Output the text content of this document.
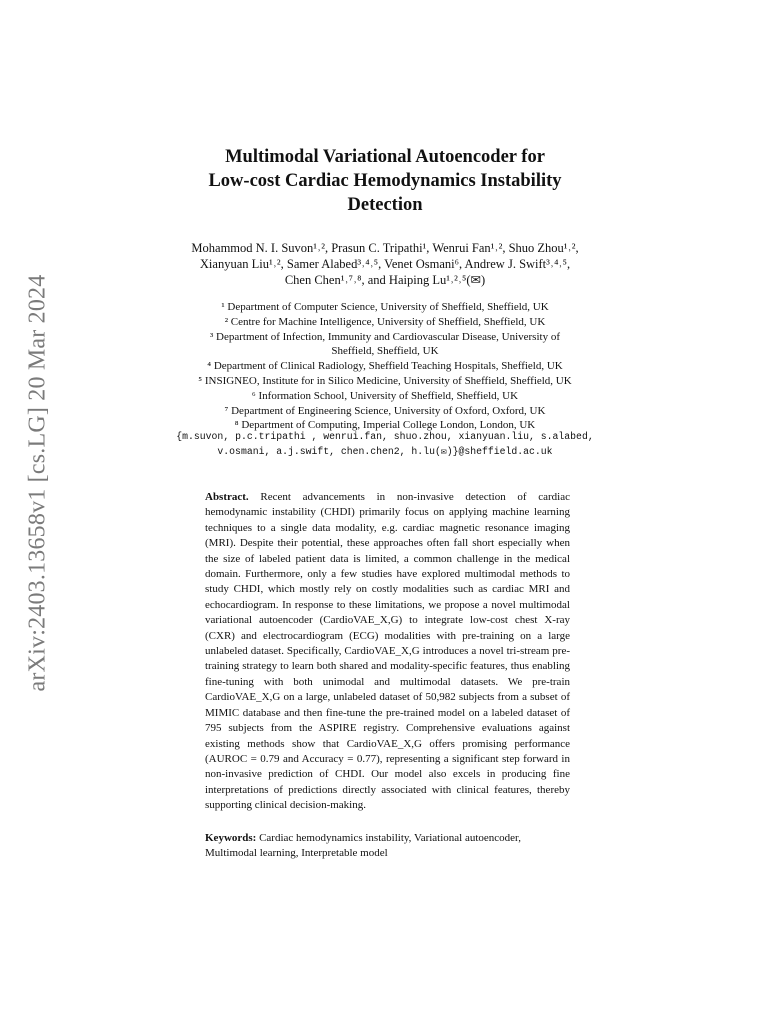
arXiv:2403.13658v1 [cs.LG] 20 Mar 2024
Multimodal Variational Autoencoder for
Low-cost Cardiac Hemodynamics Instability
Detection
Mohammod N. I. Suvon¹˒², Prasun C. Tripathi¹, Wenrui Fan¹˒², Shuo Zhou¹˒²,
Xianyuan Liu¹˒², Samer Alabed³˒⁴˒⁵, Venet Osmani⁶, Andrew J. Swift³˒⁴˒⁵,
Chen Chen¹˒⁷˒⁸, and Haiping Lu¹˒²˒⁵(✉)
¹ Department of Computer Science, University of Sheffield, Sheffield, UK
² Centre for Machine Intelligence, University of Sheffield, Sheffield, UK
³ Department of Infection, Immunity and Cardiovascular Disease, University of
Sheffield, Sheffield, UK
⁴ Department of Clinical Radiology, Sheffield Teaching Hospitals, Sheffield, UK
⁵ INSIGNEO, Institute for in Silico Medicine, University of Sheffield, Sheffield, UK
⁶ Information School, University of Sheffield, Sheffield, UK
⁷ Department of Engineering Science, University of Oxford, Oxford, UK
⁸ Department of Computing, Imperial College London, London, UK
{m.suvon, p.c.tripathi , wenrui.fan, shuo.zhou, xianyuan.liu, s.alabed,
v.osmani, a.j.swift, chen.chen2, h.lu(✉)}@sheffield.ac.uk
Abstract. Recent advancements in non-invasive detection of cardiac hemodynamic instability (CHDI) primarily focus on applying machine learning techniques to a single data modality, e.g. cardiac magnetic resonance imaging (MRI). Despite their potential, these approaches often fall short especially when the size of labeled patient data is limited, a common challenge in the medical domain. Furthermore, only a few studies have explored multimodal methods to study CHDI, which mostly rely on costly modalities such as cardiac MRI and echocardiogram. In response to these limitations, we propose a novel multimodal variational autoencoder (CardioVAE_X,G) to integrate low-cost chest X-ray (CXR) and electrocardiogram (ECG) modalities with pre-training on a large unlabeled dataset. Specifically, CardioVAE_X,G introduces a novel tri-stream pre-training strategy to learn both shared and modality-specific features, thus enabling fine-tuning with both unimodal and multimodal datasets. We pre-train CardioVAE_X,G on a large, unlabeled dataset of 50,982 subjects from a subset of MIMIC database and then fine-tune the pre-trained model on a labeled dataset of 795 subjects from the ASPIRE registry. Comprehensive evaluations against existing methods show that CardioVAE_X,G offers promising performance (AUROC = 0.79 and Accuracy = 0.77), representing a significant step forward in non-invasive prediction of CHDI. Our model also excels in producing fine interpretations of predictions directly associated with clinical features, thereby supporting clinical decision-making.
Keywords: Cardiac hemodynamics instability, Variational autoencoder,
Multimodal learning, Interpretable model
